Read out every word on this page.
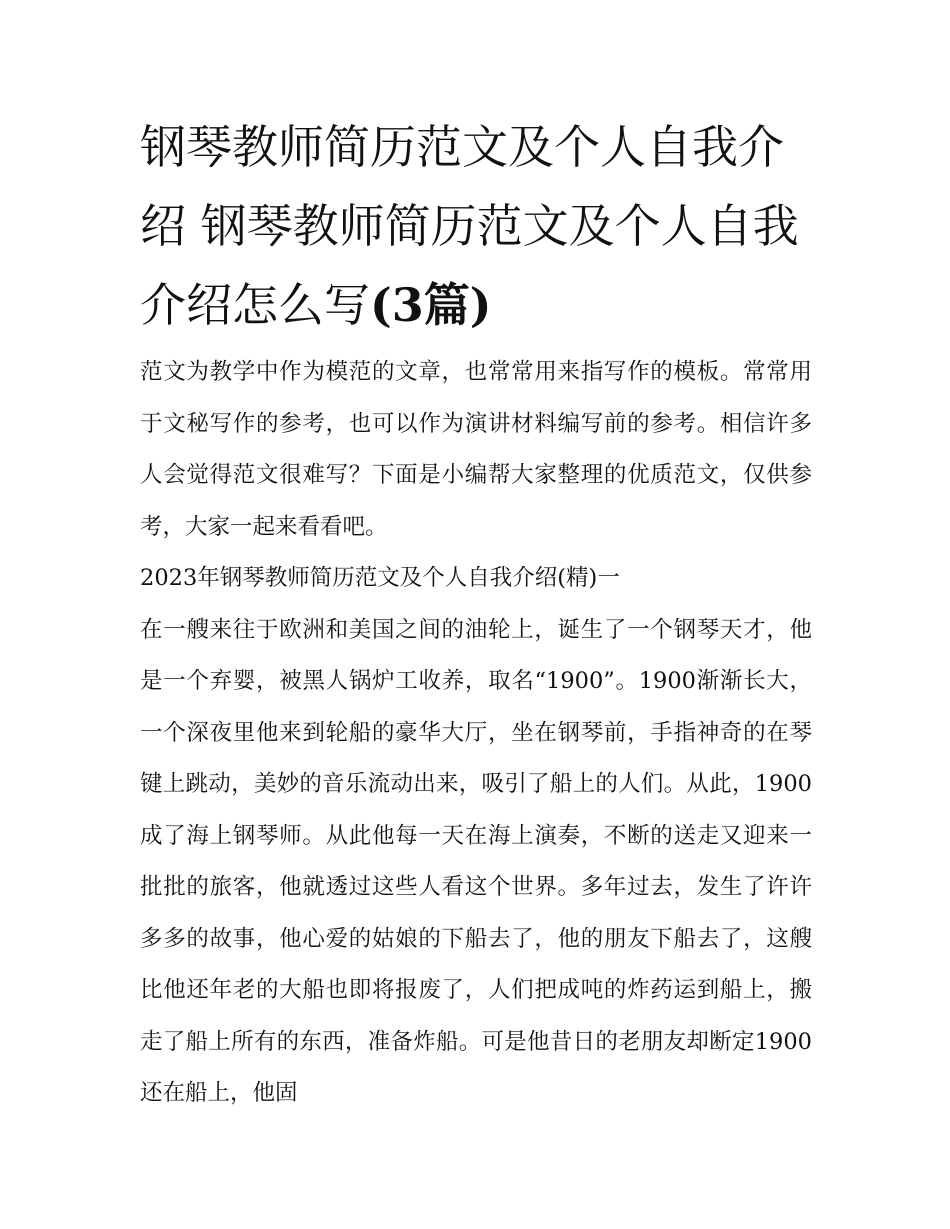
钢琴教师简历范文及个人自我介绍 钢琴教师简历范文及个人自我介绍怎么写(3篇)

范文为教学中作为模范的文章，也常常用来指写作的模板。常常用于文秘写作的参考，也可以作为演讲材料编写前的参考。相信许多人会觉得范文很难写？下面是小编帮大家整理的优质范文，仅供参考，大家一起来看看吧。

2023年钢琴教师简历范文及个人自我介绍(精)一

在一艘来往于欧洲和美国之间的油轮上，诞生了一个钢琴天才，他是一个弃婴，被黑人锅炉工收养，取名“1900”。1900渐渐长大，一个深夜里他来到轮船的豪华大厅，坐在钢琴前，手指神奇的在琴键上跳动，美妙的音乐流动出来，吸引了船上的人们。从此，1900成了海上钢琴师。从此他每一天在海上演奏，不断的送走又迎来一批批的旅客，他就透过这些人看这个世界。多年过去，发生了许许多多的故事，他心爱的姑娘的下船去了，他的朋友下船去了，这艘比他还年老的大船也即将报废了，人们把成吨的炸药运到船上，搬走了船上所有的东西，准备炸船。可是他昔日的老朋友却断定1900还在船上，他固
